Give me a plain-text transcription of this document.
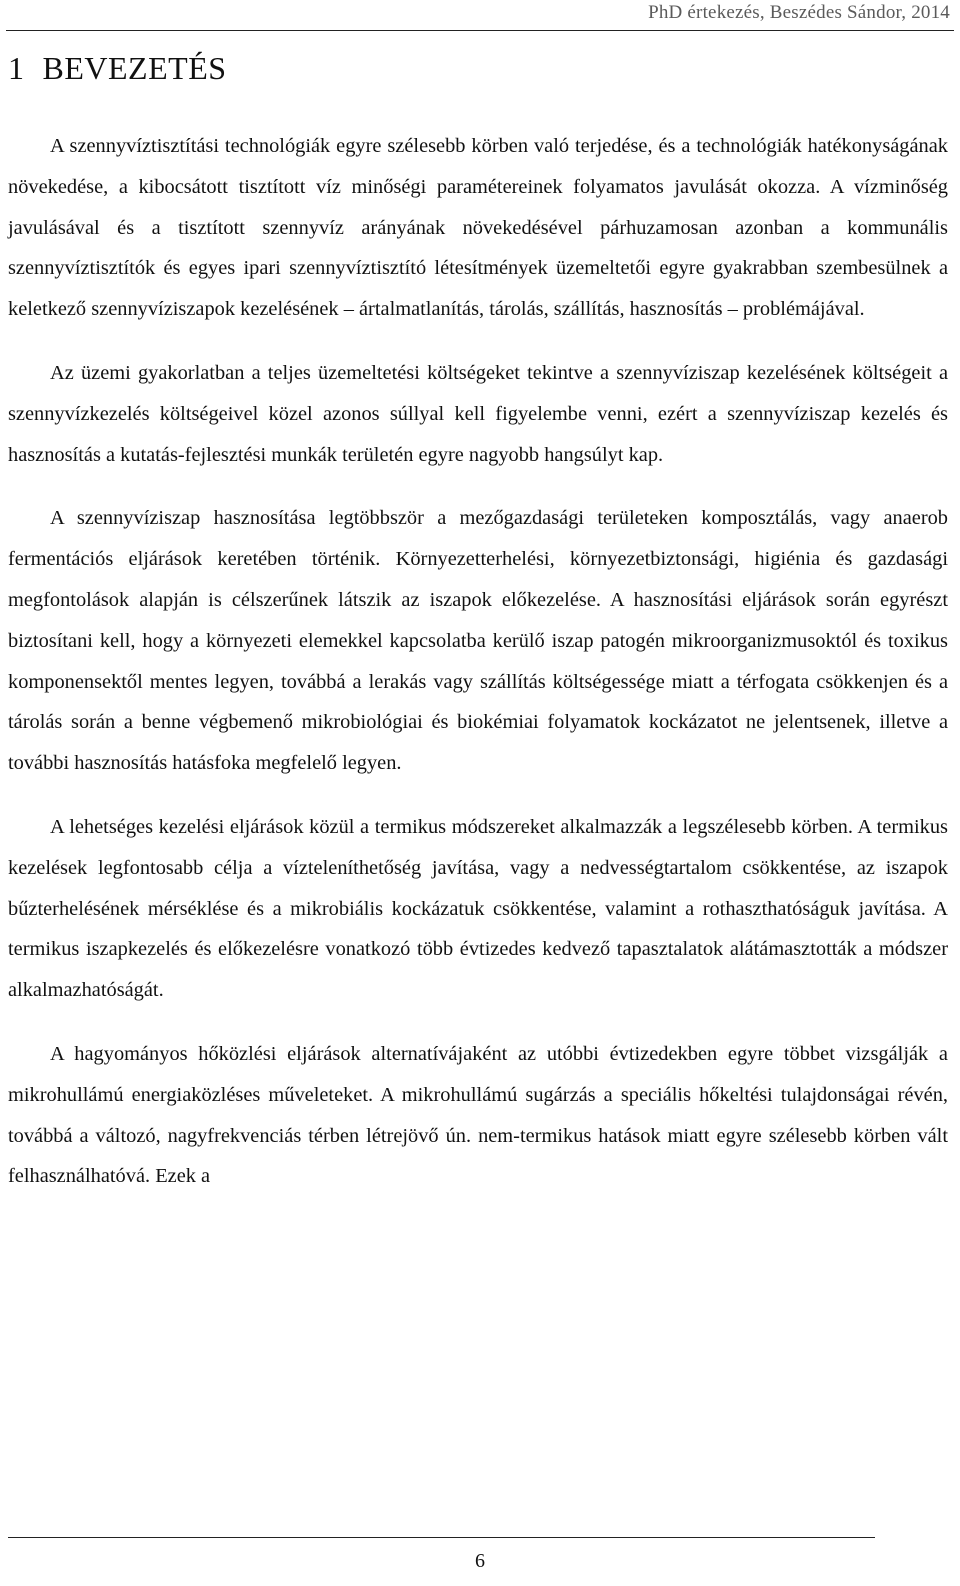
PhD értekezés, Beszédes Sándor, 2014
1 BEVEZETÉS

A szennyvíztisztítási technológiák egyre szélesebb körben való terjedése, és a technológiák hatékonyságának növekedése, a kibocsátott tisztított víz minőségi paramétereinek folyamatos javulását okozza. A vízminőség javulásával és a tisztított szennyvíz arányának növekedésével párhuzamosan azonban a kommunális szennyvíztisztítók és egyes ipari szennyvíztisztító létesítmények üzemeltetői egyre gyakrabban szembesülnek a keletkező szennyvíziszapok kezelésének – ártalmatlanítás, tárolás, szállítás, hasznosítás – problémájával.

Az üzemi gyakorlatban a teljes üzemeltetési költségeket tekintve a szennyvíziszap kezelésének költségeit a szennyvízkezelés költségeivel közel azonos súllyal kell figyelembe venni, ezért a szennyvíziszap kezelés és hasznosítás a kutatás-fejlesztési munkák területén egyre nagyobb hangsúlyt kap.

A szennyvíziszap hasznosítása legtöbbször a mezőgazdasági területeken komposztálás, vagy anaerob fermentációs eljárások keretében történik. Környezetterhelési, környezetbiztonsági, higiénia és gazdasági megfontolások alapján is célszerűnek látszik az iszapok előkezelése. A hasznosítási eljárások során egyrészt biztosítani kell, hogy a környezeti elemekkel kapcsolatba kerülő iszap patogén mikroorganizmusoktól és toxikus komponensektől mentes legyen, továbbá a lerakás vagy szállítás költségessége miatt a térfogata csökkenjen és a tárolás során a benne végbemenő mikrobiológiai és biokémiai folyamatok kockázatot ne jelentsenek, illetve a további hasznosítás hatásfoka megfelelő legyen.

A lehetséges kezelési eljárások közül a termikus módszereket alkalmazzák a legszélesebb körben. A termikus kezelések legfontosabb célja a vízteleníthetőség javítása, vagy a nedvességtartalom csökkentése, az iszapok bűzterhelésének mérséklése és a mikrobiális kockázatuk csökkentése, valamint a rothaszthatóságuk javítása. A termikus iszapkezelés és előkezelésre vonatkozó több évtizedes kedvező tapasztalatok alátámasztották a módszer alkalmazhatóságát.

A hagyományos hőközlési eljárások alternatívájaként az utóbbi évtizedekben egyre többet vizsgálják a mikrohullámú energiaközléses műveleteket. A mikrohullámú sugárzás a speciális hőkeltési tulajdonságai révén, továbbá a változó, nagyfrekvenciás térben létrejövő ún. nem-termikus hatások miatt egyre szélesebb körben vált felhasználhatóvá. Ezek a

6
